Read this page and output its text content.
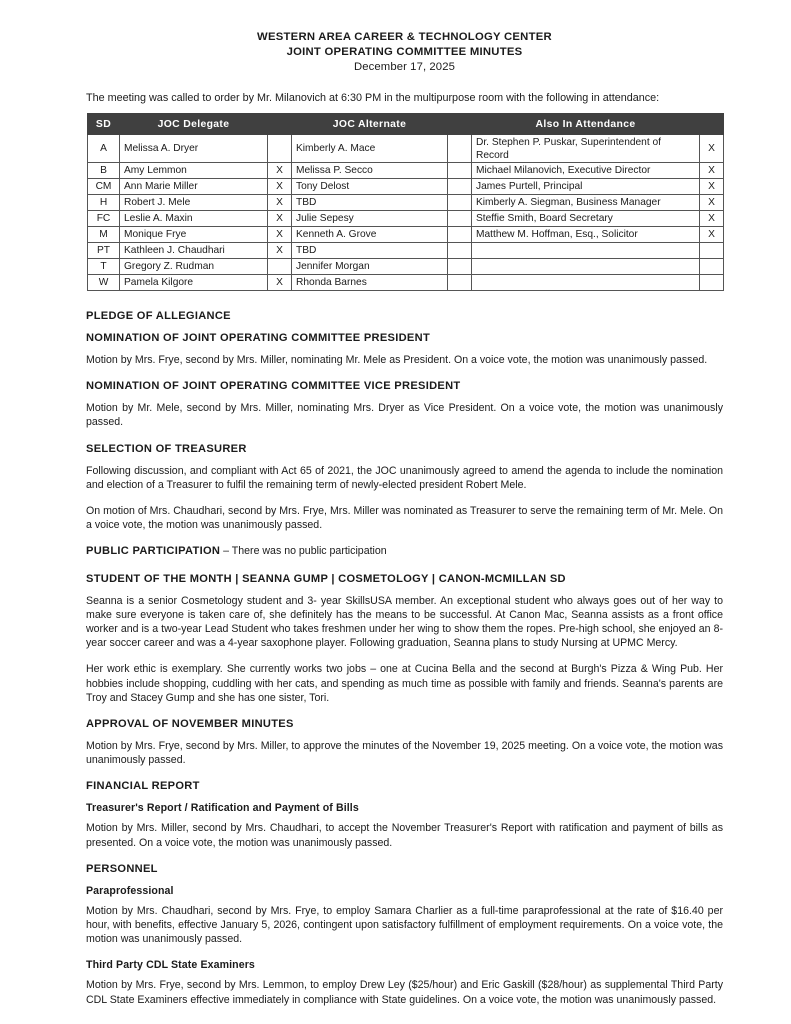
WESTERN AREA CAREER & TECHNOLOGY CENTER
JOINT OPERATING COMMITTEE MINUTES
December 17, 2025

The meeting was called to order by Mr. Milanovich at 6:30 PM in the multipurpose room with the following in attendance:

SD	JOC Delegate		JOC Alternate		Also In Attendance	
A	Melissa A. Dryer		Kimberly A. Mace		Dr. Stephen P. Puskar, Superintendent of Record	X
B	Amy Lemmon	X	Melissa P. Secco		Michael Milanovich, Executive Director	X
CM	Ann Marie Miller	X	Tony Delost		James Purtell, Principal	X
H	Robert J. Mele	X	TBD		Kimberly A. Siegman, Business Manager	X
FC	Leslie A. Maxin	X	Julie Sepesy		Steffie Smith, Board Secretary	X
M	Monique Frye	X	Kenneth A. Grove		Matthew M. Hoffman, Esq., Solicitor	X
PT	Kathleen J. Chaudhari	X	TBD			
T	Gregory Z. Rudman		Jennifer Morgan			
W	Pamela Kilgore	X	Rhonda Barnes			
PLEDGE OF ALLEGIANCE
NOMINATION OF JOINT OPERATING COMMITTEE PRESIDENT

Motion by Mrs. Frye, second by Mrs. Miller, nominating Mr. Mele as President. On a voice vote, the motion was unanimously passed.

NOMINATION OF JOINT OPERATING COMMITTEE VICE PRESIDENT

Motion by Mr. Mele, second by Mrs. Miller, nominating Mrs. Dryer as Vice President. On a voice vote, the motion was unanimously passed.

SELECTION OF TREASURER

Following discussion, and compliant with Act 65 of 2021, the JOC unanimously agreed to amend the agenda to include the nomination and election of a Treasurer to fulfil the remaining term of newly-elected president Robert Mele.

On motion of Mrs. Chaudhari, second by Mrs. Frye, Mrs. Miller was nominated as Treasurer to serve the remaining term of Mr. Mele. On a voice vote, the motion was unanimously passed.

PUBLIC PARTICIPATION – There was no public participation

STUDENT OF THE MONTH | SEANNA GUMP | COSMETOLOGY | CANON-MCMILLAN SD

Seanna is a senior Cosmetology student and 3- year SkillsUSA member. An exceptional student who always goes out of her way to make sure everyone is taken care of, she definitely has the means to be successful. At Canon Mac, Seanna assists as a front office worker and is a two-year Lead Student who takes freshmen under her wing to show them the ropes. Pre-high school, she enjoyed an 8-year soccer career and was a 4-year saxophone player. Following graduation, Seanna plans to study Nursing at UPMC Mercy.

Her work ethic is exemplary. She currently works two jobs – one at Cucina Bella and the second at Burgh's Pizza & Wing Pub. Her hobbies include shopping, cuddling with her cats, and spending as much time as possible with family and friends. Seanna's parents are Troy and Stacey Gump and she has one sister, Tori.

APPROVAL OF NOVEMBER MINUTES

Motion by Mrs. Frye, second by Mrs. Miller, to approve the minutes of the November 19, 2025 meeting. On a voice vote, the motion was unanimously passed.

FINANCIAL REPORT
Treasurer's Report / Ratification and Payment of Bills

Motion by Mrs. Miller, second by Mrs. Chaudhari, to accept the November Treasurer's Report with ratification and payment of bills as presented. On a voice vote, the motion was unanimously passed.

PERSONNEL
Paraprofessional

Motion by Mrs. Chaudhari, second by Mrs. Frye, to employ Samara Charlier as a full-time paraprofessional at the rate of $16.40 per hour, with benefits, effective January 5, 2026, contingent upon satisfactory fulfillment of employment requirements. On a voice vote, the motion was unanimously passed.

Third Party CDL State Examiners

Motion by Mrs. Frye, second by Mrs. Lemmon, to employ Drew Ley ($25/hour) and Eric Gaskill ($28/hour) as supplemental Third Party CDL State Examiners effective immediately in compliance with State guidelines. On a voice vote, the motion was unanimously passed.
